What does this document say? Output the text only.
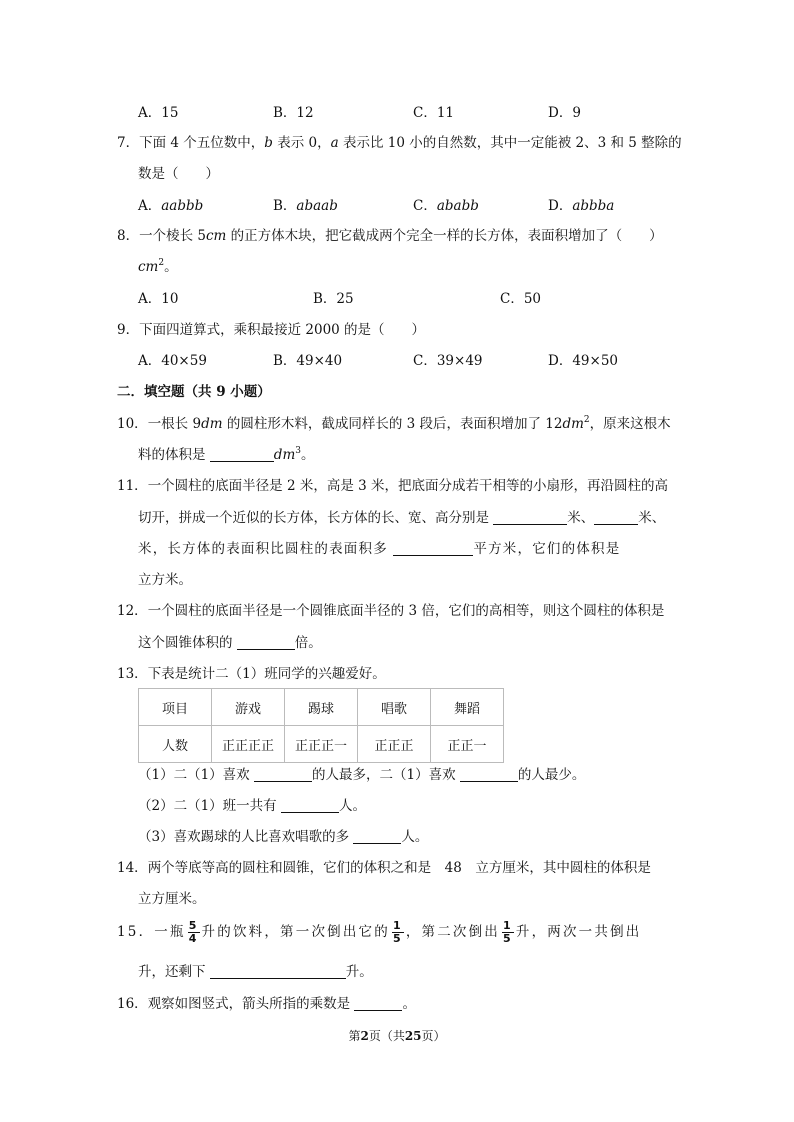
A．15	B．12	C．11	D．9
7．下面 4 个五位数中，b 表示 0，a 表示比 10 小的自然数，其中一定能被 2、3 和 5 整除的
数是（　　）
A．aabbb	B．abaab	C．ababb	D．abbba
8．一个棱长 5cm 的正方体木块，把它截成两个完全一样的长方体，表面积增加了（　　）
$cm^2$。
A．10	B．25	C．50
9．下面四道算式，乘积最接近 2000 的是（　　）
A．40×59	B．49×40	C．39×49	D．49×50
二．填空题（共 9 小题）
10．一根长 9dm 的圆柱形木料，截成同样长的 3 段后，表面积增加了 $12dm^2$，原来这根木
料的体积是	$dm^3$。
11．一个圆柱的底面半径是 2 米，高是 3 米，把底面分成若干相等的小扇形，再沿圆柱的高
切开，拼成一个近似的长方体，长方体的长、宽、高分别是	米、	米、
米，长方体的表面积比圆柱的表面积多	平方米，它们的体积是
立方米。
12．一个圆柱的底面半径是一个圆锥底面半径的 3 倍，它们的高相等，则这个圆柱的体积是
这个圆锥体积的	倍。
13．下表是统计二（1）班同学的兴趣爱好。
项目	游戏	踢球	唱歌	舞蹈
人数	正正正正	正正正一	正正正	正正一
（1）二（1）喜欢	的人最多，二（1）喜欢	的人最少。
（2）二（1）班一共有	人。
（3）喜欢踢球的人比喜欢唱歌的多	人。
14．两个等底等高的圆柱和圆锥，它们的体积之和是　48　立方厘米，其中圆柱的体积是
立方厘米。
15．一瓶 $\frac{5}{4}$ 升的饮料，第一次倒出它的 $\frac{1}{5}$ ，第二次倒出 $\frac{1}{5}$ 升，两次一共倒出
升，还剩下	升。
16．观察如图竖式，箭头所指的乘数是	。
第2页（共25页）
